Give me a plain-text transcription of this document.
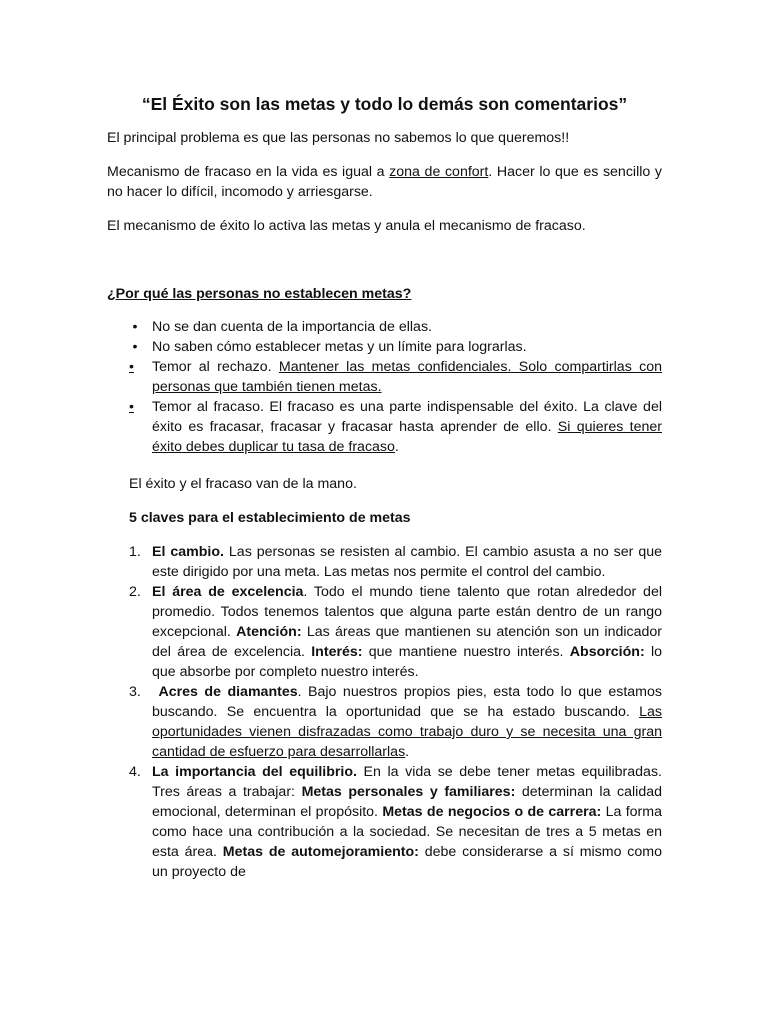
“El Éxito son las metas y todo lo demás son comentarios”

El principal problema es que las personas no sabemos lo que queremos!!

Mecanismo de fracaso en la vida es igual a zona de confort. Hacer lo que es sencillo y no hacer lo difícil, incomodo y arriesgarse.

El mecanismo de éxito lo activa las metas y anula el mecanismo de fracaso.

¿Por qué las personas no establecen metas?
• No se dan cuenta de la importancia de ellas.
• No saben cómo establecer metas y un límite para lograrlas.
•	Temor al rechazo. Mantener las metas confidenciales. Solo compartirlas con personas que también tienen metas.
•	Temor al fracaso. El fracaso es una parte indispensable del éxito. La clave del éxito es fracasar, fracasar y fracasar hasta aprender de ello. Si quieres tener éxito debes duplicar tu tasa de fracaso.

El éxito y el fracaso van de la mano.

5 claves para el establecimiento de metas
1. El cambio. Las personas se resisten al cambio. El cambio asusta a no ser que este dirigido por una meta. Las metas nos permite el control del cambio.
2. El área de excelencia. Todo el mundo tiene talento que rotan alrededor del promedio. Todos tenemos talentos que alguna parte están dentro de un rango excepcional. Atención: Las áreas que mantienen su atención son un indicador del área de excelencia. Interés: que mantiene nuestro interés. Absorción: lo que absorbe por completo nuestro interés.
3. Acres de diamantes. Bajo nuestros propios pies, esta todo lo que estamos buscando. Se encuentra la oportunidad que se ha estado buscando. Las oportunidades vienen disfrazadas como trabajo duro y se necesita una gran cantidad de esfuerzo para desarrollarlas.
4. La importancia del equilibrio. En la vida se debe tener metas equilibradas. Tres áreas a trabajar: Metas personales y familiares: determinan la calidad emocional, determinan el propósito. Metas de negocios o de carrera: La forma como hace una contribución a la sociedad. Se necesitan de tres a 5 metas en esta área. Metas de automejoramiento: debe considerarse a sí mismo como un proyecto de
